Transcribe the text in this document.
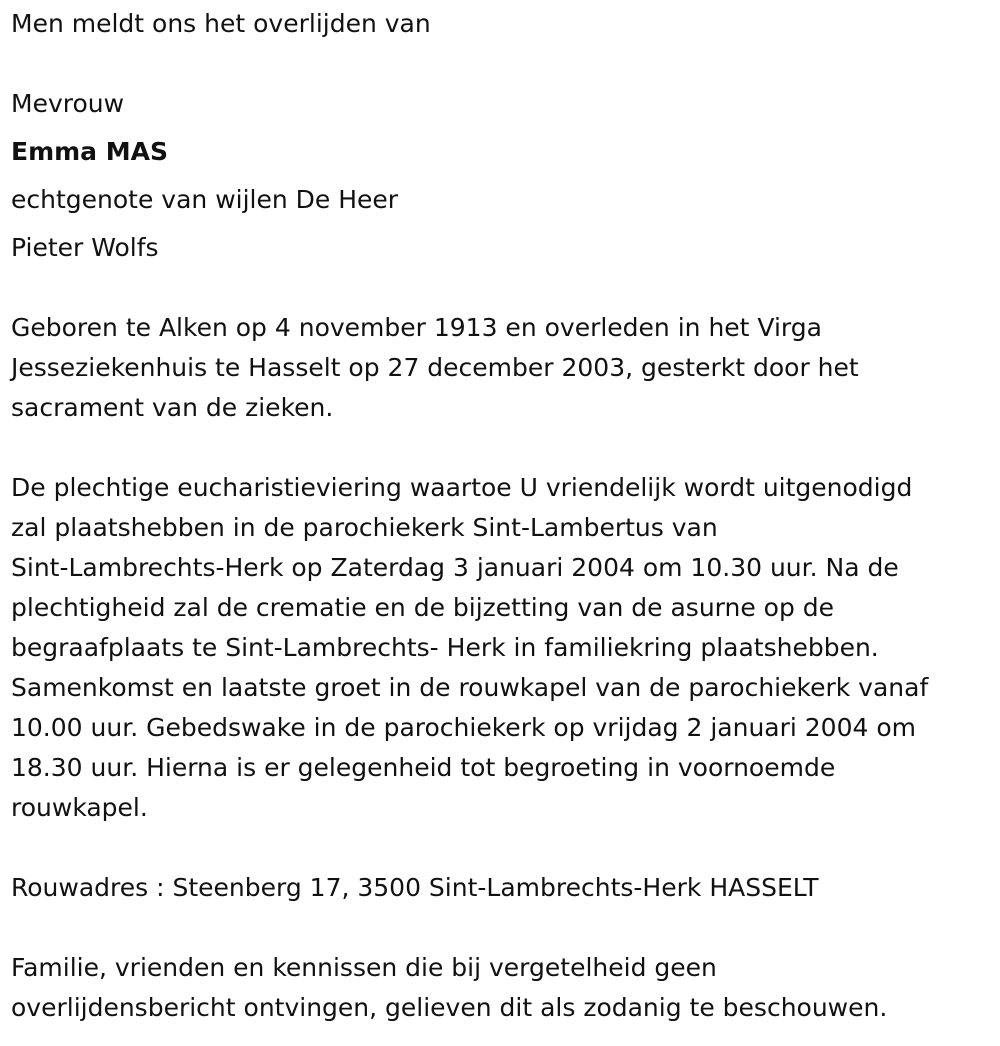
Men meldt ons het overlijden van
Mevrouw
Emma MAS
echtgenote van wijlen De Heer
Pieter Wolfs
Geboren te Alken op 4 november 1913 en overleden in het Virga
Jesseziekenhuis te Hasselt op 27 december 2003, gesterkt door het
sacrament van de zieken.
De plechtige eucharistieviering waartoe U vriendelijk wordt uitgenodigd
zal plaatshebben in de parochiekerk Sint-Lambertus van
Sint-Lambrechts-Herk op Zaterdag 3 januari 2004 om 10.30 uur. Na de
plechtigheid zal de crematie en de bijzetting van de asurne op de
begraafplaats te Sint-Lambrechts- Herk in familiekring plaatshebben.
Samenkomst en laatste groet in de rouwkapel van de parochiekerk vanaf
10.00 uur. Gebedswake in de parochiekerk op vrijdag 2 januari 2004 om
18.30 uur. Hierna is er gelegenheid tot begroeting in voornoemde
rouwkapel.
Rouwadres : Steenberg 17, 3500 Sint-Lambrechts-Herk HASSELT
Familie, vrienden en kennissen die bij vergetelheid geen
overlijdensbericht ontvingen, gelieven dit als zodanig te beschouwen.
